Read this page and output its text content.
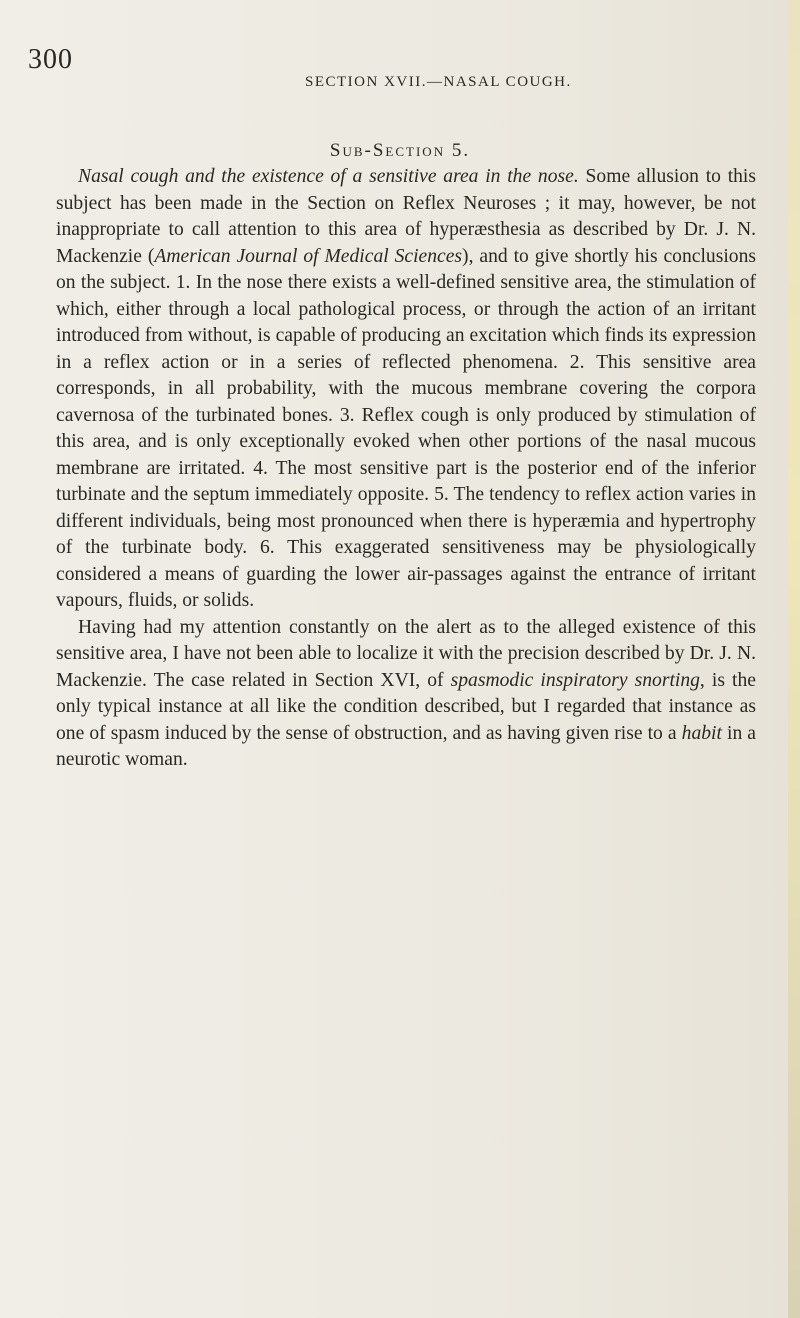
300
SECTION XVII.—NASAL COUGH.
Sub-Section 5.

Nasal cough and the existence of a sensitive area in the nose. Some allusion to this subject has been made in the Section on Reflex Neuroses ; it may, however, be not inappropriate to call attention to this area of hyperæsthesia as described by Dr. J. N. Mackenzie (American Journal of Medical Sciences), and to give shortly his conclusions on the subject. 1. In the nose there exists a well-defined sensitive area, the stimulation of which, either through a local pathological process, or through the action of an irritant introduced from without, is capable of producing an excitation which finds its expression in a reflex action or in a series of reflected phenomena. 2. This sensitive area corresponds, in all probability, with the mucous membrane covering the corpora cavernosa of the turbinated bones. 3. Reflex cough is only produced by stimulation of this area, and is only exceptionally evoked when other portions of the nasal mucous membrane are irritated. 4. The most sensitive part is the posterior end of the inferior turbinate and the septum immediately opposite. 5. The tendency to reflex action varies in different individuals, being most pronounced when there is hyperæmia and hypertrophy of the turbinate body. 6. This exaggerated sensitiveness may be physiologically considered a means of guarding the lower air-passages against the entrance of irritant vapours, fluids, or solids.

Having had my attention constantly on the alert as to the alleged existence of this sensitive area, I have not been able to localize it with the precision described by Dr. J. N. Mackenzie. The case related in Section XVI, of spasmodic inspiratory snorting, is the only typical instance at all like the condition described, but I regarded that instance as one of spasm induced by the sense of obstruction, and as having given rise to a habit in a neurotic woman.
